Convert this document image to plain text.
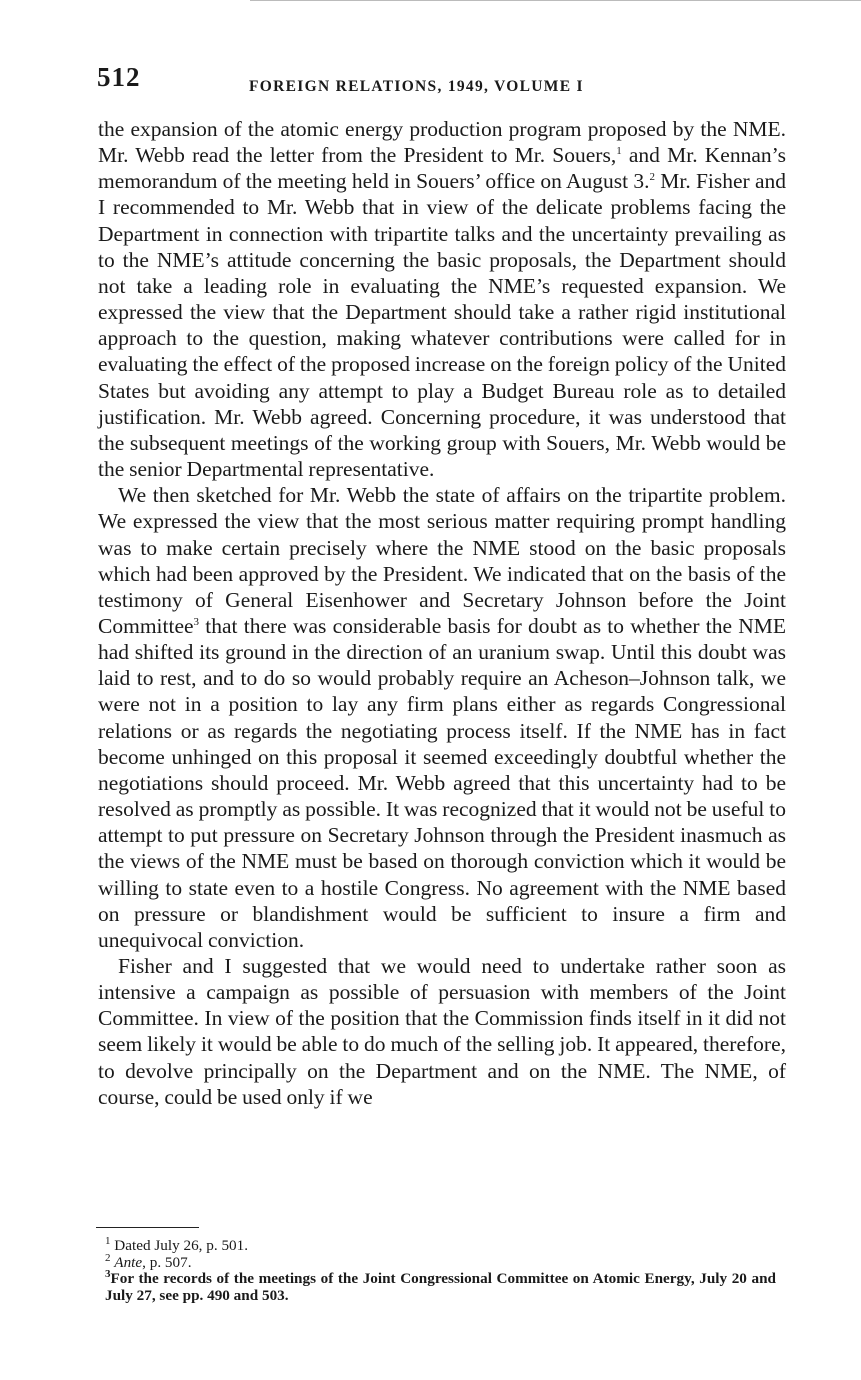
512	FOREIGN RELATIONS, 1949, VOLUME I

the expansion of the atomic energy production program proposed by the NME. Mr. Webb read the letter from the President to Mr. Souers,$^1$ and Mr. Kennan’s memorandum of the meeting held in Souers’ office on August 3.$^2$ Mr. Fisher and I recommended to Mr. Webb that in view of the delicate problems facing the Department in connection with tripartite talks and the uncertainty prevailing as to the NME’s attitude concerning the basic proposals, the Department should not take a leading role in evaluating the NME’s requested expansion. We expressed the view that the Department should take a rather rigid institutional approach to the question, making whatever contributions were called for in evaluating the effect of the proposed increase on the foreign policy of the United States but avoiding any attempt to play a Budget Bureau role as to detailed justification. Mr. Webb agreed. Concerning procedure, it was understood that the subsequent meetings of the working group with Souers, Mr. Webb would be the senior Departmental representative.

We then sketched for Mr. Webb the state of affairs on the tripartite problem. We expressed the view that the most serious matter requiring prompt handling was to make certain precisely where the NME stood on the basic proposals which had been approved by the President. We indicated that on the basis of the testimony of General Eisenhower and Secretary Johnson before the Joint Committee$^3$ that there was considerable basis for doubt as to whether the NME had shifted its ground in the direction of an uranium swap. Until this doubt was laid to rest, and to do so would probably require an Acheson–Johnson talk, we were not in a position to lay any firm plans either as regards Congressional relations or as regards the negotiating process itself. If the NME has in fact become unhinged on this proposal it seemed exceedingly doubtful whether the negotiations should proceed. Mr. Webb agreed that this uncertainty had to be resolved as promptly as possible. It was recognized that it would not be useful to attempt to put pressure on Secretary Johnson through the President inasmuch as the views of the NME must be based on thorough conviction which it would be willing to state even to a hostile Congress. No agreement with the NME based on pressure or blandishment would be sufficient to insure a firm and unequivocal conviction.

Fisher and I suggested that we would need to undertake rather soon as intensive a campaign as possible of persuasion with members of the Joint Committee. In view of the position that the Commission finds itself in it did not seem likely it would be able to do much of the selling job. It appeared, therefore, to devolve principally on the Department and on the NME. The NME, of course, could be used only if we

$^1$ Dated July 26, p. 501.

$^2$ Ante, p. 507.

$^3$For the records of the meetings of the Joint Congressional Committee on Atomic Energy, July 20 and July 27, see pp. 490 and 503.
